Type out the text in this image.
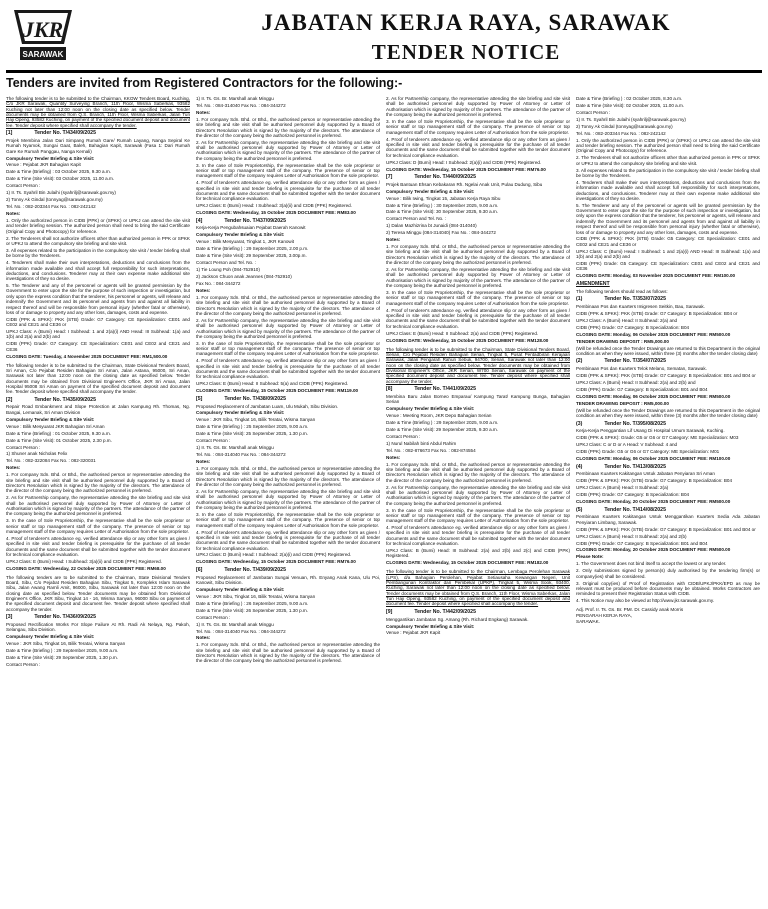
JKR
SARAWAK
JABATAN KERJA RAYA, SARAWAK
TENDER NOTICE
Tenders are invited from Registered Contractors for the following:-

The following tender is to be submitted to the Chairman, KKOW Tenders Board, Kuching, C/o JKR Sarawak, Quantity Surveying Branch, 11th Floor, Wisma Saberkas, 93582 Kuching not later than 12:00 noon on the closing date as specified below. Tender documents may be obtained from Q.S. Branch, 11th Floor, Wisma Saberkas, Jalan Tun Haji Openg, 93582 Kuching, on payment of the specified document deposit and document fee. Tender deposit where specified shall accompany the tender.

[1]	Tender No. T/434/09/2025

Projek Membina Jalan Dari Simpang Rumah Gare/ Rumah Layang, Nanga Sepiral Ke Rumah Nyamok, Sungai Gaat, Baleh, Bahagian Kapit, Sarawak (Fasa 1: Dari Rumah Gare Ke Rumah Panggau, Nanga Kemali)

Compulsory Tender Briefing & Site Visit:

Venue : Pejabat JKR Bahagian Kapit

Date & Time (Briefing) : 03 October 2025, 9.30 a.m.

Date & Time (Site Visit): 03 October 2025, 11.00 a.m.

Contact Person :

1) Ir. Ts. Syahril Bin Julaihi (syahrilj@sarawak.gov.my)

2) Tonny Ak Gindal (tonnyag@sarawak.gov.my)

Tel. No. : 082-203344 Fax No. : 082-242142

Notes:

1. Only the authorized person in CIDB (PPK) or (SPKK) or UPKJ can attend the site visit and tender briefing session. The authorized person shall need to bring the said Certificate (Original Copy and Photocopy) for reference.

2. The Tenderers shall not authorize officers other than authorized person in PPK or SPKK or UPKJ to attend the compulsory site briefing and site visit.

3. All expenses related to the participation in the compulsory site visit / tender briefing shall be borne by the Tenderers.

4. Tenderers shall make their own interpretations, deductions and conclusions from the information made available and shall accept full responsibility for such interpretations, deductions, and conclusions. Tenderer may at their own expense make additional site investigations of they so desire.

5. The Tenderer and any of the personnel or agents will be granted permission by the Government to enter upon the site for the purpose of such inspection or investigation, but only upon the express condition that the tenderer, his personnel or agents, will release and indemnify the Government and its personnel and agents from and against all liability in respect thereof and will be responsible from personal injury (whether fatal or otherwise), loss of or damage to property and any other loss, damages, costs and expense.

CIDB (PPK & SPKK): PKK (STB) Grade: G7 Category: CE Specialization: CE01 and CE02 and CE21 and CE36 or

UPKJ Class: A (Bumi) Head: I Subhead: 1 and 2(a)(i) AND Head: III Subhead: 1(a) and 1(b) and 2(a) and 2(b) and

CIDB (PPK) Grade: G7 Category: CE Specialization: CE01 and CE02 and CE21 and CE36

CLOSING DATE: Tuesday, 4 November 2025 DOCUMENT FEE: RM1,500.00

The following tender is to be submitted to the Chairman, State Divisional Tenders Board, Sri Aman, C/o Pejabat Residen Bahagian Sri Aman, Jalan Astana, 95000, Sri Aman, Sarawak not later than 12:00 noon on the closing date as specified below. Tender documents may be obtained from Divisional Engineer's Office, JKR Sri Aman, Jalan Hospital 95008 Sri Aman on payment of the specified document deposit and document fee. Tender deposit where specified shall accompany the tender.

[2]	Tender No. T/435/09/2025

Repair Road Embankment and Slope Protection at Jalan Kampung Rh. Thomas, Ng. Bangai, Lemanak, Sri Aman Division

Compulsory Tender Briefing & Site Visit:

Venue : Bilik Mesyuarat JKR Bahagian Sri Aman

Date & Time (Briefing) : 01 October 2025, 9.30 a.m.

Date & Time (Site Visit): 01 October 2025, 2.30 p.m.

Contact Person :

1) Shuner anak Nicholas Felix

Tel. No. : 082-322084 Fax No. : 082-320031

Notes:

1. For company Sdn. Bhd. or Bhd., the authorised person or representative attending the site briefing and site visit shall be authorised personnel duly supported by a Board of Director's Resolution which is signed by the majority of the directors. The attendance of the director of the company being the authorized personnel is preferred.

2. As for Partnership company, the representative attending the site briefing and site visit shall be authorised personnel duly supported by Power of Attorney or Letter of Authorisation which is signed by majority of the partners. The attendance of the partner of the company being the authorized personnel is preferred.

3. In the case of Sole Proprietorship, the representative shall be the sole proprietor or senior staff or top management staff of the company. The presence of senior or top management staff of the company requires Letter of Authorisation from the sole proprietor.

4. Proof of tenderer's attendance eg. verified attendance slip or any other form as given / specified in site visit and tender briefing is prerequisite for the purchase of all tender documents and the same document shall be submitted together with the tender document for technical compliance evaluation.

UPKJ Class: E (Bumi) Head: I Subhead: 3(a)(ii) and CIDB (PPK) Registered.

CLOSING DATE: Wednesday, 22 October 2025 DOCUMENT FEE: RM68.00

The following tenders are to be submitted to the Chairman, State Divisional Tenders Board, Sibu, C/o Pejabat Residen Bahagian Sibu, Tingkat 5, Kompleks Islam Sarawak Sibu, Jalan Awang Ramli Amit, 96000, Sibu, Sarawak not later than 12:00 noon on the closing date as specified below. Tender documents may be obtained from Divisional Engineer's Office, JKR Sibu, Tingkat 14 - 16, Wisma Sanyan, 96000 Sibu on payment of the specified document deposit and document fee. Tender deposit where specified shall accompany the tender.

[3]	Tender No. T/436/09/2025

Proposed Rectification Works For Slope Failure At Rh. Radi Ak Nelaya, Ng. Pakoh, Selangau, Sibu Division.

Compulsory Tender Briefing & Site Visit:

Venue : JKR Sibu, Tingkat 16, Bilik Teratai, Wisma Sanyan

Date & Time (Briefing ) : 29 September 2025, 9.00 a.m.

Date & Time (Site Visit): 29 September 2025, 1.30 p.m.

Contact Person :

1) Ir. Ts. Gs. Br. Marshall anak Minggu

Tel. No. : 084-314040 Fax No. : 084-344272

Notes:

1. For company Sdn. Bhd. or Bhd., the authorised person or representative attending the site briefing and site visit shall be authorised personnel duly supported by a Board of Director's Resolution which is signed by the majority of the directors. The attendance of the director of the company being the authorized personnel is preferred.

2. As for Partnership company, the representative attending the site briefing and site visit shall be authorised personnel duly supported by Power of Attorney or Letter of Authorisation which is signed by majority of the partners. The attendance of the partner of the company being the authorized personnel is preferred.

3. In the case of Sole Proprietorship, the representative shall be the sole proprietor or senior staff or top management staff of the company. The presence of senior or top management staff of the company requires Letter of Authorisation from the sole proprietor.

4. Proof of tenderer's attendance eg. verified attendance slip or any other form as given / specified in site visit and tender briefing is prerequisite for the purchase of all tender documents and the same document shall be submitted together with the tender document for technical compliance evaluation.

UPKJ Class: E (Bumi) Head: I Subhead: 3(a)(ii) and CIDB (PPK) Registered.

CLOSING DATE: Wednesday, 15 October 2025 DOCUMENT FEE: RM83.00

[4]	Tender No. T/437/09/2025

Kerja-Kerja Pengubahsuaian Pejabat Daerah Kanowit

Compulsory Tender Briefing & Site Visit:

Venue : Bilik Mesyuarat, Tingkat 1, JKR Kanowit

Date & Time (Briefing ) : 29 September 2025, 2.00 p.m.

Date & Time (Site Visit): 29 September 2025, 3.00p.m.

Contact Person and Tel. No. :

1) Tie Loung Poh (084-752910)

2) Jackson Chuon anak Jeannes (084-752910)

Fax No. : 084-344272

Notes:

1. For company Sdn. Bhd. or Bhd., the authorised person or representative attending the site briefing and site visit shall be authorised personnel duly supported by a Board of Director's Resolution which is signed by the majority of the directors. The attendance of the director of the company being the authorized personnel is preferred.

2. As for Partnership company, the representative attending the site briefing and site visit shall be authorised personnel duly supported by Power of Attorney or Letter of Authorisation which is signed by majority of the partners. The attendance of the partner of the company being the authorized personnel is preferred.

3. In the case of Sole Proprietorship, the representative shall be the sole proprietor or senior staff or top management staff of the company. The presence of senior or top management staff of the company requires Letter of Authorisation from the sole proprietor.

4. Proof of tenderer's attendance eg. verified attendance slip or any other form as given / specified in site visit and tender briefing is prerequisite for the purchase of all tender documents and the same document shall be submitted together with the tender document for technical compliance evaluation.

UPKJ Class: E (Bumi) Head: II Subhead: 5(a) and CIDB (PPK) Registered.

CLOSING DATE: Wednesday, 15 October 2025 DOCUMENT FEE: RM119.00

[5]	Tender No. T/438/09/2025

Proposed Replacement of Jambatan Luam, Ulu Mukah, Sibu Division.

Compulsory Tender Briefing & Site Visit:

Venue : JKR Sibu, Tingkat 16, Bilik Teratai, Wisma Sanyan

Date & Time (Briefing ) : 25 September 2025, 9.00 a.m.

Date & Time (Site Visit): 25 September 2025, 1.30 p.m.

Contact Person :

1) Ir. Ts. Gs. Br. Marshall anak Minggu

Tel. No. : 084-314040 Fax No. : 084-344272

Notes:

1. For company Sdn. Bhd. or Bhd., the authorised person or representative attending the site briefing and site visit shall be authorised personnel duly supported by a Board of Director's Resolution which is signed by the majority of the directors. The attendance of the director of the company being the authorized personnel is preferred.

2. As for Partnership company, the representative attending the site briefing and site visit shall be authorised personnel duly supported by Power of Attorney or Letter of Authorisation which is signed by majority of the partners. The attendance of the partner of the company being the authorized personnel is preferred.

3. In the case of Sole Proprietorship, the representative shall be the sole proprietor or senior staff or top management staff of the company. The presence of senior or top management staff of the company requires Letter of Authorisation from the sole proprietor.

4. Proof of tenderer's attendance eg. verified attendance slip or any other form as given / specified in site visit and tender briefing is prerequisite for the purchase of all tender documents and the same document shall be submitted together with the tender document for technical compliance evaluation.

UPKJ Class: D (Bumi) Head: I Subhead: 2(a)(i) and CIDB (PPK) Registered.

CLOSING DATE: Wednesday, 15 October 2025 DOCUMENT FEE: RM76.00

[6]	Tender No. T/439/09/2025

Proposed Replacement of Jambatan Sungai Venuan, Rh. Enyang Anak Kana, Ulu Poi, Kanowit, Sibu Division.

Compulsory Tender Briefing & Site Visit:

Venue : JKR Sibu, Tingkat 16, Bilik Teratai, Wisma Sanyan

Date & Time (Briefing ) : 26 September 2025, 9.00 a.m.

Date & Time (Site Visit): 26 September 2025, 1.30 p.m.

Contact Person :

1) Ir. Ts. Gs. Br. Marshall anak Minggu

Tel. No. : 084-314040 Fax No. : 084-344272

Notes:

1. For company Sdn. Bhd. or Bhd., the authorised person or representative attending the site briefing and site visit shall be authorised personnel duly supported by a Board of Director's Resolution which is signed by the majority of the directors. The attendance of the director of the company being the authorized personnel is preferred.

2. As for Partnership company, the representative attending the site briefing and site visit shall be authorised personnel duly supported by Power of Attorney or Letter of Authorisation which is signed by majority of the partners. The attendance of the partner of the company being the authorized personnel is preferred.

3. In the case of Sole Proprietorship, the representative shall be the sole proprietor or senior staff or top management staff of the company. The presence of senior or top management staff of the company requires Letter of Authorisation from the sole proprietor.

4. Proof of tenderer's attendance eg. verified attendance slip or any other form as given / specified in site visit and tender briefing is prerequisite for the purchase of all tender documents and the same document shall be submitted together with the tender document for technical compliance evaluation.

UPKJ Class: D (Bumi) Head: I Subhead: 2(a)(i) and CIDB (PPK) Registered.

CLOSING DATE: Wednesday, 15 October 2025 DOCUMENT FEE: RM76.00

[7]	Tender No. T/440/09/2025

Projek Bantuan Ehsan Kebakaran Rh. Ngelai Anak Unit, Pulau Dudung, Sibu

Compulsory Tender Briefing & Site Visit:

Venue : Bilik Iwing, Tingkat 15, Jabatan Kerja Raya Sibu

Date & Time (Briefing ) : 30 September 2025, 9.00 a.m.

Date & Time (Site Visit): 30 September 2025, 9.30 a.m.

Contact Person and Tel. No. :

1) Dalan Mazhizrina bt Junaidi (084-314040)

2) Teresa Minggu (084-314040) Fax No. : 084-344272

Notes:

1. For company Sdn. Bhd. or Bhd., the authorised person or representative attending the site briefing and site visit shall be authorised personnel duly supported by a Board of Director's Resolution which is signed by the majority of the directors. The attendance of the director of the company being the authorized personnel is preferred.

2. As for Partnership company, the representative attending the site briefing and site visit shall be authorised personnel duly supported by Power of Attorney or Letter of Authorisation which is signed by majority of the partners. The attendance of the partner of the company being the authorized personnel is preferred.

3. In the case of Sole Proprietorship, the representative shall be the sole proprietor or senior staff or top management staff of the company. The presence of senior or top management staff of the company requires Letter of Authorisation from the sole proprietor.

4. Proof of tenderer's attendance eg. verified attendance slip or any other form as given / specified in site visit and tender briefing is prerequisite for the purchase of all tender documents and the same document shall be submitted together with the tender document for technical compliance evaluation.

UPKJ Class: E (Bumi) Head: II Subhead: 2(a) and CIDB (PPK) Registered.

CLOSING DATE: Wednesday, 15 October 2025 DOCUMENT FEE: RM128.00

The following tender is to be submitted to the Chairman, State Divisional Tenders Board, Serian, C/o Pejabat Residen Bahagian Serian, Tingkat 5, Pusat Pentadbiran Kerajaan Sarawak, Jalan Pengarah Rahun Sebuk, 94700, Serian, Sarawak not later than 12:00 noon on the closing date as specified below. Tender documents may be obtained from Divisional Engineer's Office, JKR Serian, W700 Serian, Sarawak on payment of the specified document deposit and document fee. Tender deposit where specified shall accompany the tender.

[8]	Tender No. T/441/09/2025

Membina Baru Jalan Borneo Emparau/ Kampung Tarat/ Kampung Bunga, Bahagian Serian

Compulsory Tender Briefing & Site Visit:

Venue : Meeting Room, JKR Depo Bahagian Serian

Date & Time (Briefing ) : 29 September 2025, 9.00 a.m.

Date & Time (Site Visit): 29 September 2025, 9.30 a.m.

Contact Person :

1) Nurul Nabilah binti Abdul Rahim

Tel. No. : 082-876673 Fax No. : 082-874554

Notes:

1. For company Sdn. Bhd. or Bhd., the authorised person or representative attending the site briefing and site visit shall be authorised personnel duly supported by a Board of Director's Resolution which is signed by the majority of the directors. The attendance of the director of the company being the authorized personnel is preferred.

2. As for Partnership company, the representative attending the site briefing and site visit shall be authorised personnel duly supported by Power of Attorney or Letter of Authorisation which is signed by majority of the partners. The attendance of the partner of the company being the authorized personnel is preferred.

3. In the case of Sole Proprietorship, the representative shall be the sole proprietor or senior staff or top management staff of the company. The presence of senior or top management staff of the company requires Letter of Authorisation from the sole proprietor.

4. Proof of tenderer's attendance eg. verified attendance slip or any other form as given / specified in site visit and tender briefing is prerequisite for the purchase of all tender documents and the same document shall be submitted together with the tender document for technical compliance evaluation.

UPKJ Class: B (Bumi) Head: III Subhead: 2(a) and 2(b) and 2(c) and CIDB (PPK) Registered.

CLOSING DATE: Wednesday, 15 October 2025 DOCUMENT FEE: RM182.00

The following tender is to be submitted to the Chairman, Lembaga Perolehan Sarawak (LPS), d/a Bahagian Perolehan, Pejabat Setiausaha Kewangan Negeri, Unit Pembangunan Kontraktor dan Pembekal (UPKP), Tingkat 5, Wisma Sook, 93400, Kuching, Sarawak not later than 12:00 noon on the closing date as specified below. Tender documents may be obtained from Q.S. Branch, 11th Floor, Wisma Saberkas, Jalan Tun Haji Openg, 93582 Kuching, on payment of the specified document deposit and document fee. Tender deposit where specified shall accompany the tender.

[9]	Tender No. T/442/09/2025

Menggantikan Jambatan Sg. Amang (Rh. Richard Engkang) Sarawak.

Compulsory Tender Briefing & Site Visit:

Venue : Pejabat JKR Kapit

Date & Time (Briefing ) : 02 October 2025, 8.30 a.m.

Date & Time (Site Visit): 02 October 2025, 11.00 a.m.

Contact Person :

1) Ir. Ts. Syahril Bin Julaihi (syahrilj@sarawak.gov.my)

2) Tonny Ak Gindal (tonnyag@sarawak.gov.my)

Tel. No. : 082-203344 Fax No. : 082-242142

1. Only the authorized person in CIDB (PPK) or (SPKK) or UPKJ can attend the site visit and tender briefing session. The authorized person shall need to bring the said Certificate (Original Copy and Photocopy) for reference.

2. The Tenderers shall not authorize officers other than authorized person in PPK or SPKK or UPKJ to attend the compulsory site briefing and site visit.

3. All expenses related to the participation in the compulsory site visit / tender briefing shall be borne by the Tenderers.

4. Tenderers shall make their own interpretations, deductions and conclusions from the information made available and shall accept full responsibility for such interpretations, deductions, and conclusions. Tenderer may at their own expense make additional site investigations of they so desire.

5. The Tenderer and any of the personnel or agents will be granted permission by the Government to enter upon the site for the purpose of such inspection or investigation, but only upon the express condition that the tenderer, his personnel or agents, will release and indemnify the Government and its personnel and agents from and against all liability in respect thereof and will be responsible from personal injury (whether fatal or otherwise), loss of or damage to property and any other loss, damages, costs and expense.

CIDB (PPK & SPKK): PKK (STB) Grade: G5 Category: CE Specialization: CE01 and CE02 and CE21 and CE36 or

UPKJ Class: C (Bumi) Head: I Subhead: 1 and 2(a)(i) AND Head: III Subhead: 1(a) and 1(b) and 2(a) and 2(b) and

CIDB (PPK) Grade: G5 Category: CE Specialization: CE01 and CE02 and CE21 and CE36

CLOSING DATE: Monday, 03 November 2025 DOCUMENT FEE: RM100.00

AMENDMENT

The following tenders should read as follows:

(1)	Tender No. T/353/07/2025

Pembinaan Pos dan Kuarters Imigresen Seitkin, Bau, Sarawak.

CIDB (PPK & SPKK): PKK (STB) Grade: G7 Category: B Specialization: B04 or

UPKJ Class: A (Bumi) Head: II Subhead: 2(a) and

CIDB (PPK) Grade: G7 Category: B Specialization: B04

CLOSING DATE: Monday, 06 October 2025 DOCUMENT FEE: RM500.00

TENDER DRAWING DEPOSIT : RM5,000.00

(Will be refunded once the Tender Drawings are returned to this Department in the original condition as when they were issued, within three (3) months after the tender closing date)

(2)	Tender No. T/354/07/2025

Pembinaan Pos dan Kuarters Telok Melano, Sematan, Sarawak.

CIDB (PPK & SPKK): PKK (STB) Grade: G7 Category: B Specialization: B01 and B04 or

UPKJ Class: A (Bumi) Head: II Subhead: 2(a) and 2(b) and

CIDB (PPK) Grade: G7 Category: B Specialization: B01 and B04

CLOSING DATE: Monday, 06 October 2025 DOCUMENT FEE: RM500.00

TENDER DRAWING DEPOSIT : RM5,000.00

(Will be refunded once the Tender Drawings are returned to this Department in the original condition as when they were issued, within three (3) months after the tender closing date)

(3)	Tender No. T/395/08/2025

Kerja-Kerja Penggantian Lif Usang Di Hospital Umum Sarawak, Kuching.

CIDB (PPK & SPKK): Grade: G5 or G6 or G7 Category: ME Specialization: M03

UPKJ Class: C or D or A Head: V Subhead: 4 and

CIDB (PPK) Grade: G5 or G6 or G7 Category: ME Specialization: M01

CLOSING DATE: Monday, 06 October 2025 DOCUMENT FEE: RM100.00

(4)	Tender No. T/413/08/2025

Pembinaan Kuarters Kakitangan Untuk Jabatan Penyiaran Sri Aman

CIDB (PPK & SPKK): PKK (STB) Grade: G7 Category: B Specialization: B04

UPKJ Class: A (Bumi) Head: II Subhead: 2(a)

CIDB (PPK) Grade: G7 Category: B Specialization: B04

CLOSING DATE: Monday, 20 October 2025 DOCUMENT FEE: RM500.00

(5)	Tender No. T/414/08/2025

Pembinaan Kuarters Kakitangan Untuk Menggantikan Kuarters Sedia Ada Jabatan Penyiaran Limbang, Sarawak.

CIDB (PPK & SPKK): PKK (STB) Grade: G7 Category: B Specialization: B01 and B04 or

UPKJ Class: A (Bumi) Head: II Subhead: 2(a) and 2(b)

CIDB (PPK) Grade: G7 Category: B Specialization: B01 and B04

CLOSING DATE: Monday, 20 October 2025 DOCUMENT FEE: RM500.00

Please Note:

1. The Government does not bind itself to accept the lowest or any tender.

2. Only submissions signed by person(s) duly authorised by the tendering firm(s) or company(ies) shall be considered.

3. Original copy(ies) of Proof of Registration with CIDB/UPKJ/PKK/EPD as may be relevant must be produced before documents may be obtained. Works Contractors are reminded to present their Registration Status with CIDB.

4. This Notice may also be viewed at http://www.jkr.sarawak.gov.my.

Adj. Prof. Ir. Ts. Gs. Br. PMr. Dr. Cassidy anak Morris

PENGARAH KERJA RAYA,

SARAWAK.
